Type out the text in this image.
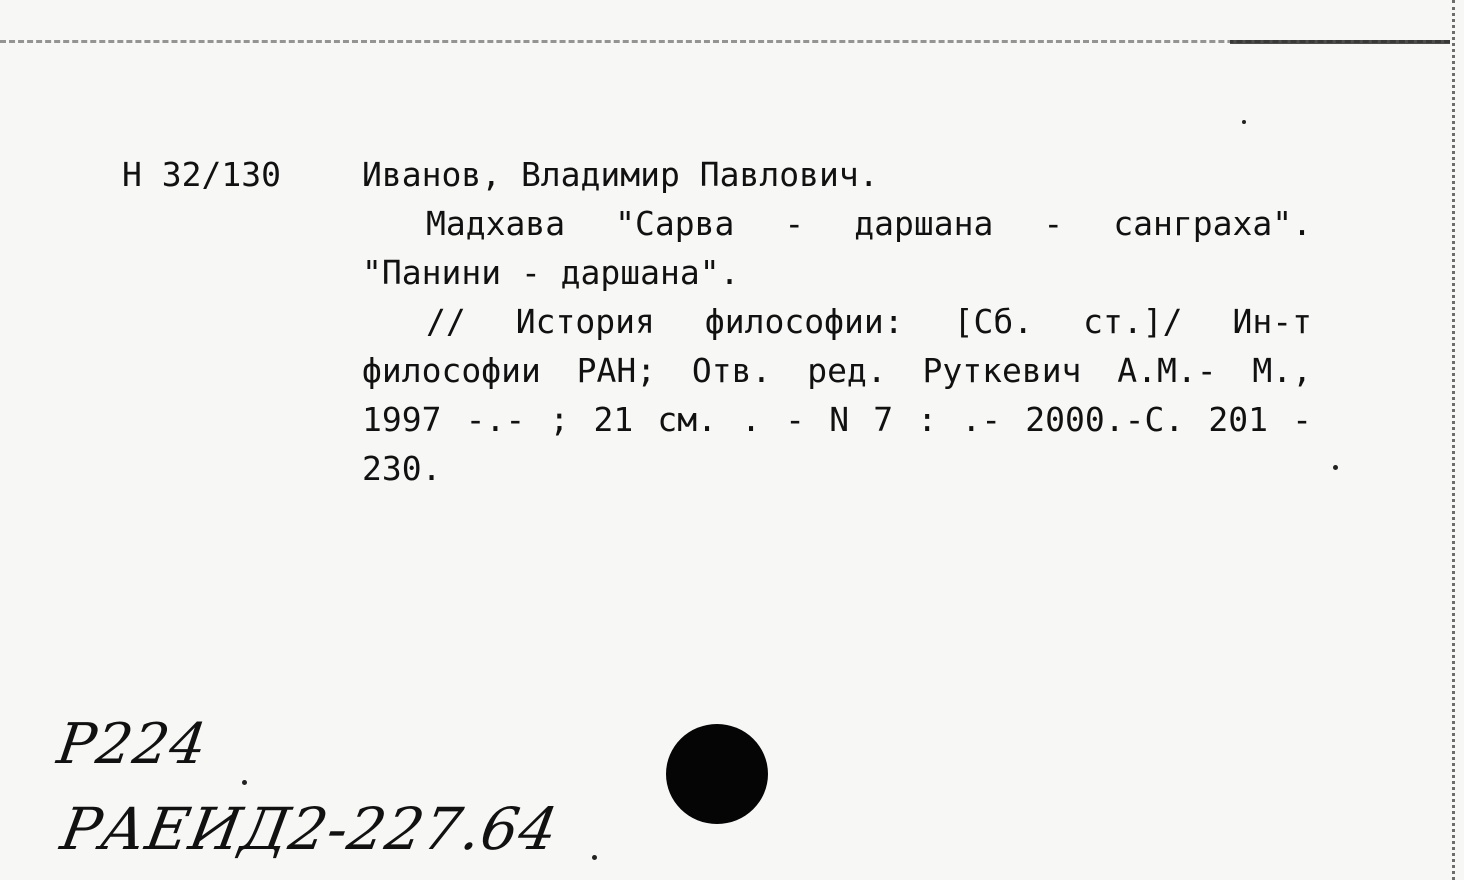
Н 32/130 Иванов, Владимир Павлович.
Мадхава "Сарва - даршана - санграха".
"Панини - даршана".
// История философии: [Сб. ст.]/ Ин-т
философии РАН; Отв. ред. Руткевич А.М.- М.,
1997 -.- ; 21 см. . - N 7 : .- 2000.-С. 201 -
230.
Р224
РАЕИД2-227.64
